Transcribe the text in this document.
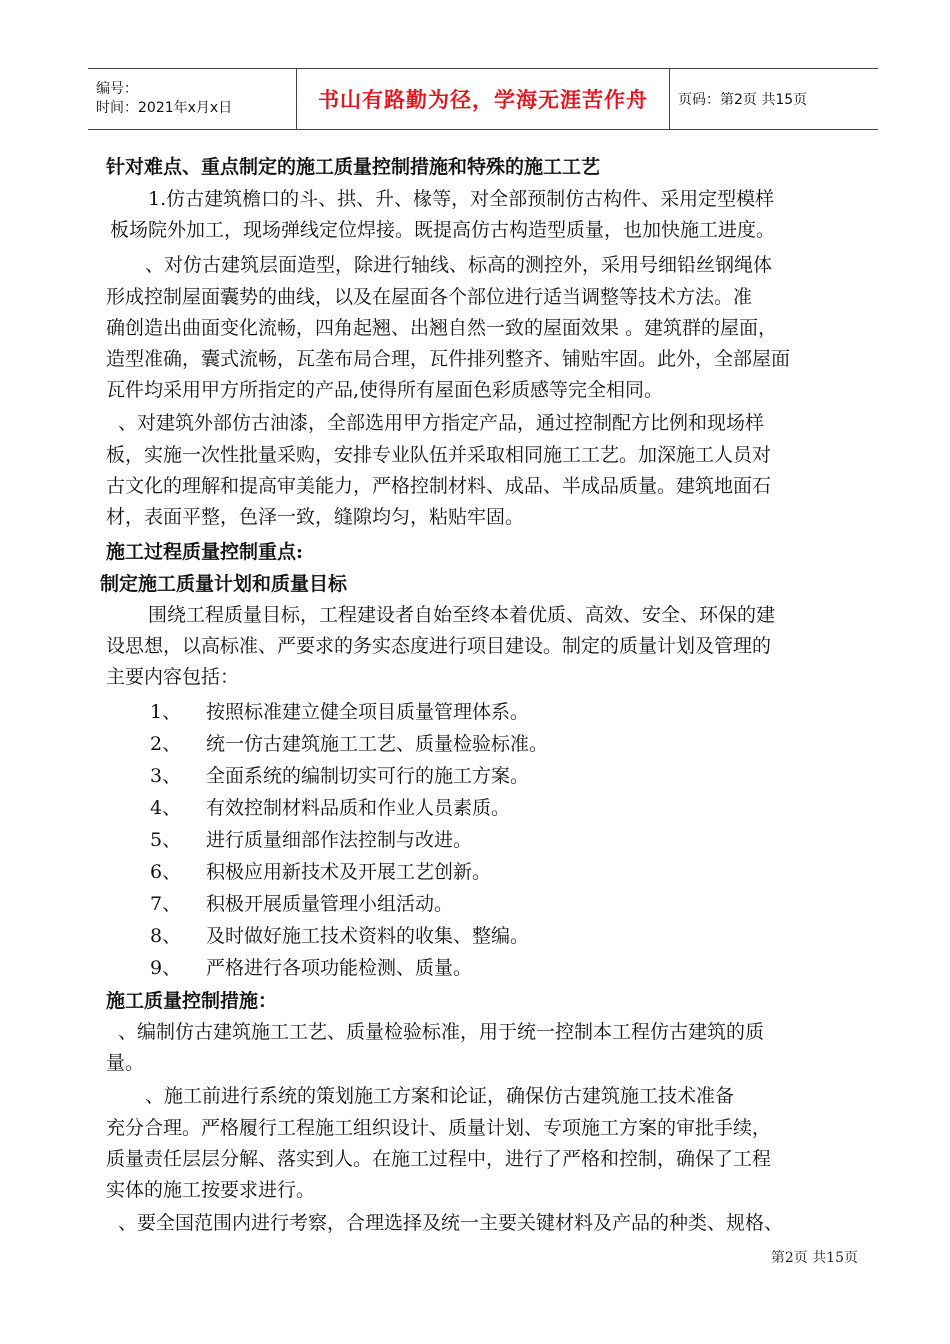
编号：
时间：2021年x月x日	书山有路勤为径，学海无涯苦作舟	页码：第2页 共15页
针对难点、重点制定的施工质量控制措施和特殊的施工工艺
1.仿古建筑檐口的斗、拱、升、椽等，对全部预制仿古构件、采用定型模样
板场院外加工，现场弹线定位焊接。既提高仿古构造型质量，也加快施工进度。
、对仿古建筑层面造型，除进行轴线、标高的测控外，采用号细铅丝钢绳体
形成控制屋面囊势的曲线，以及在屋面各个部位进行适当调整等技术方法。准
确创造出曲面变化流畅，四角起翘、出翘自然一致的屋面效果 。建筑群的屋面，
造型准确，囊式流畅，瓦垄布局合理，瓦件排列整齐、铺贴牢固。此外，全部屋面
瓦件均采用甲方所指定的产品,使得所有屋面色彩质感等完全相同。
、对建筑外部仿古油漆，全部选用甲方指定产品，通过控制配方比例和现场样
板，实施一次性批量采购，安排专业队伍并采取相同施工工艺。加深施工人员对
古文化的理解和提高审美能力，严格控制材料、成品、半成品质量。建筑地面石
材，表面平整，色泽一致，缝隙均匀，粘贴牢固。
施工过程质量控制重点:
制定施工质量计划和质量目标
围绕工程质量目标，工程建设者自始至终本着优质、高效、安全、环保的建
设思想，以高标准、严要求的务实态度进行项目建设。制定的质量计划及管理的
主要内容包括：
1、 按照标准建立健全项目质量管理体系。
2、 统一仿古建筑施工工艺、质量检验标准。
3、 全面系统的编制切实可行的施工方案。
4、 有效控制材料品质和作业人员素质。
5、 进行质量细部作法控制与改进。
6、 积极应用新技术及开展工艺创新。
7、 积极开展质量管理小组活动。
8、 及时做好施工技术资料的收集、整编。
9、 严格进行各项功能检测、质量。
施工质量控制措施：
、编制仿古建筑施工工艺、质量检验标准，用于统一控制本工程仿古建筑的质
量。
、施工前进行系统的策划施工方案和论证，确保仿古建筑施工技术准备
充分合理。严格履行工程施工组织设计、质量计划、专项施工方案的审批手续，
质量责任层层分解、落实到人。在施工过程中，进行了严格和控制，确保了工程
实体的施工按要求进行。
、要全国范围内进行考察，合理选择及统一主要关键材料及产品的种类、规格、
第2页 共15页
